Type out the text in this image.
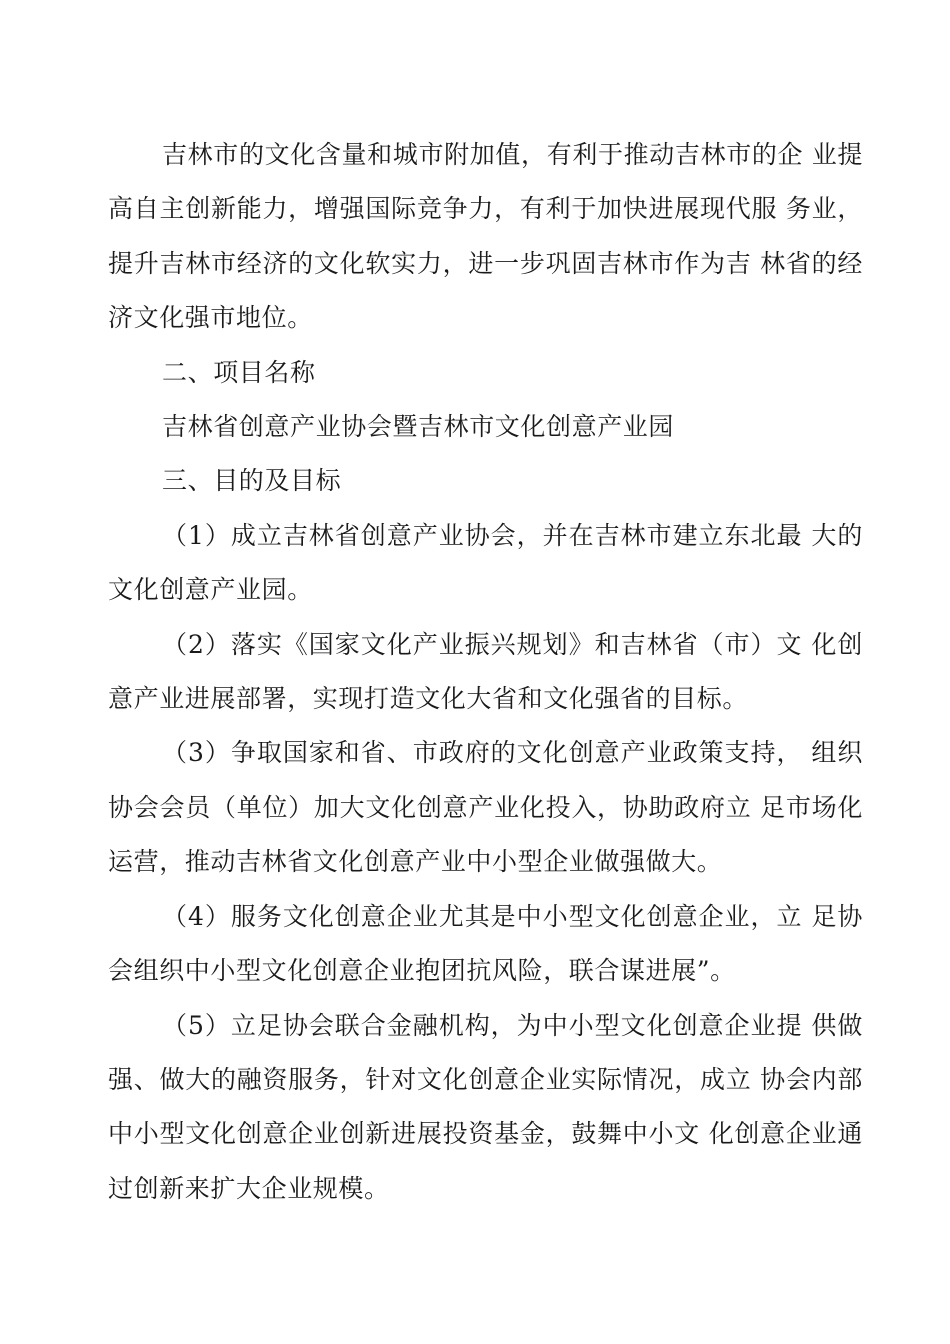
吉林市的文化含量和城市附加值，有利于推动吉林市的企 业提高自主创新能力，增强国际竞争力，有利于加快进展现代服 务业，提升吉林市经济的文化软实力，进一步巩固吉林市作为吉 林省的经济文化强市地位。

二、项目名称

吉林省创意产业协会暨吉林市文化创意产业园

三、目的及目标

（1）成立吉林省创意产业协会，并在吉林市建立东北最 大的文化创意产业园。

（2）落实《国家文化产业振兴规划》和吉林省（市）文 化创意产业进展部署，实现打造文化大省和文化强省的目标。

（3）争取国家和省、市政府的文化创意产业政策支持， 组织协会会员（单位）加大文化创意产业化投入，协助政府立 足市场化运营，推动吉林省文化创意产业中小型企业做强做大。

（4）服务文化创意企业尤其是中小型文化创意企业，立 足协会组织中小型文化创意企业抱团抗风险，联合谋进展”。

（5）立足协会联合金融机构，为中小型文化创意企业提 供做强、做大的融资服务，针对文化创意企业实际情况，成立 协会内部中小型文化创意企业创新进展投资基金，鼓舞中小文 化创意企业通过创新来扩大企业规模。
